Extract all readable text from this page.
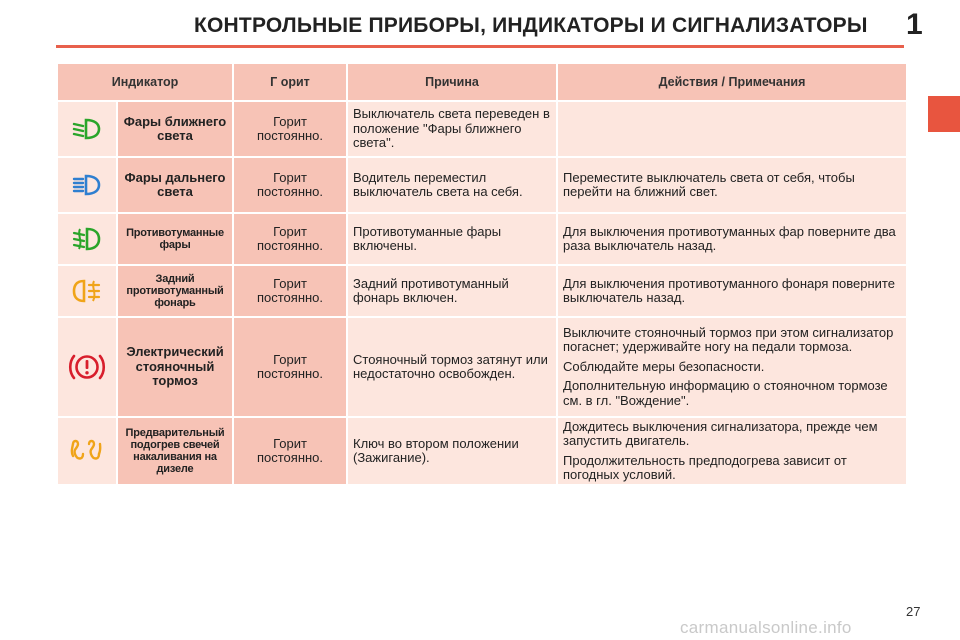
КОНТРОЛЬНЫЕ ПРИБОРЫ, ИНДИКАТОРЫ И СИГНАЛИЗАТОРЫ 1
Индикатор		Г орит	Причина	Действия / Примечания

	Фары ближнего света	Горит постоянно.	Выключатель света переведен в положение "Фары ближнего света".	

	Фары дальнего света	Горит постоянно.	Водитель переместил выключатель света на себя.	Переместите выключатель света от себя, чтобы перейти на ближний свет.

	Противотуманные фары	Горит постоянно.	Противотуманные фары включены.	Для выключения противотуманных фар поверните два раза выключатель назад.

	Задний противотуманный фонарь	Горит постоянно.	Задний противотуманный фонарь включен.	Для выключения противотуманного фонаря поверните выключатель назад.

	Электрический стояночный тормоз	Горит постоянно.	Стояночный тормоз затянут или недостаточно освобожден.	Выключите стояночный тормоз при этом сигнализатор погаснет; удерживайте ногу на педали тормоза.

Соблюдайте меры безопасности.

Дополнительную информацию о стояночном тормозе см. в гл. "Вождение".

	Предварительный подогрев свечей накаливания на дизеле	Горит постоянно.	Ключ во втором положении (Зажигание).	Дождитесь выключения сигнализатора, прежде чем запустить двигатель.

Продолжительность предподогрева зависит от погодных условий.

27
carmanualsonline.info
